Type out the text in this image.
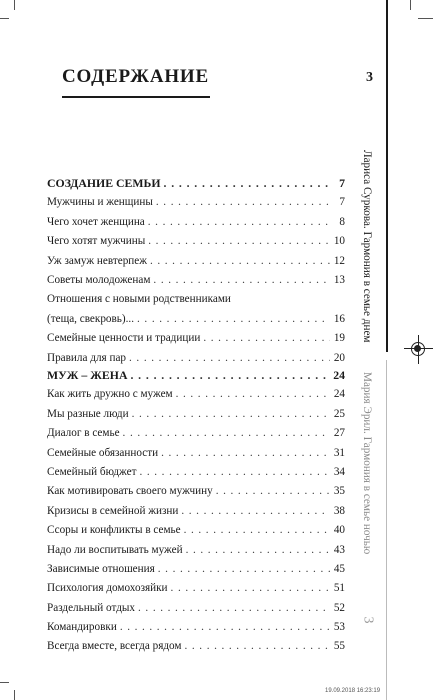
3
СОДЕРЖАНИЕ
СОЗДАНИЕ СЕМЬИ . . .	7
Мужчины и женщины . . .	7
Чего хочет женщина . . .	8
Чего хотят мужчины . . .	10
Уж замуж невтерпеж . . .	12
Советы молодоженам . . .	13
Отношения с новыми родственниками
(теща, свекровь)... . . .	16
Семейные ценности и традиции . . .	19
Правила для пар . . .	20
МУЖ – ЖЕНА . . .	24
Как жить дружно с мужем . . .	24
Мы разные люди . . .	25
Диалог в семье . . .	27
Семейные обязанности . . .	31
Семейный бюджет . . .	34
Как мотивировать своего мужчину . . .	35
Кризисы в семейной жизни . . .	38
Ссоры и конфликты в семье . . .	40
Надо ли воспитывать мужей . . .	43
Зависимые отношения . . .	45
Психология домохозяйки . . .	51
Раздельный отдых . . .	52
Командировки . . .	53
Всегда вместе, всегда рядом . . .	55
Лариса Суркова. Гармония в семье днем
Мария Эрил. Гармония в семье ночью
3
19.09.2018 16:23:19
